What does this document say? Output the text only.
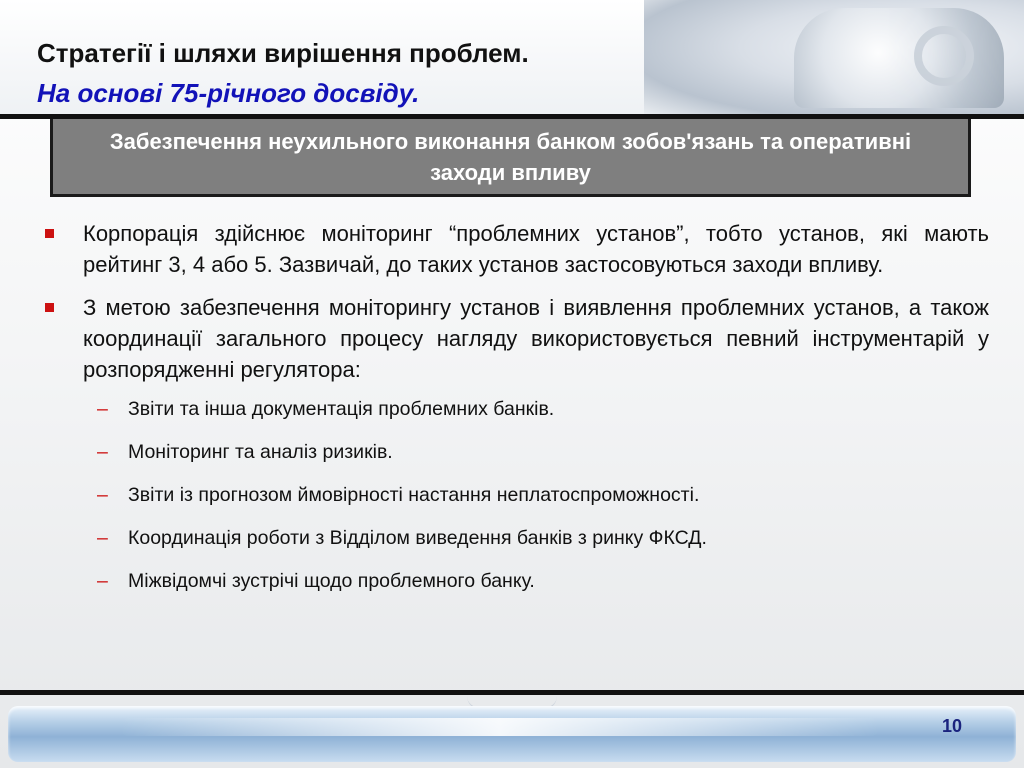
Стратегії і шляхи вирішення проблем.
На основі 75-річного досвіду.
Забезпечення неухильного виконання банком зобов'язань та оперативні заходи впливу
Корпорація здійснює моніторинг “проблемних установ”, тобто установ, які мають рейтинг 3, 4 або 5. Зазвичай, до таких установ застосовуються заходи впливу.
З метою забезпечення моніторингу установ і виявлення проблемних установ, а також координації загального процесу нагляду використовується певний інструментарій у розпорядженні регулятора:
– Звіти та інша документація проблемних банків.
– Моніторинг та аналіз ризиків.
– Звіти із прогнозом ймовірності настання неплатоспроможності.
– Координація роботи з Відділом виведення банків з ринку ФКСД.
– Міжвідомчі зустрічі щодо проблемного банку.
10
